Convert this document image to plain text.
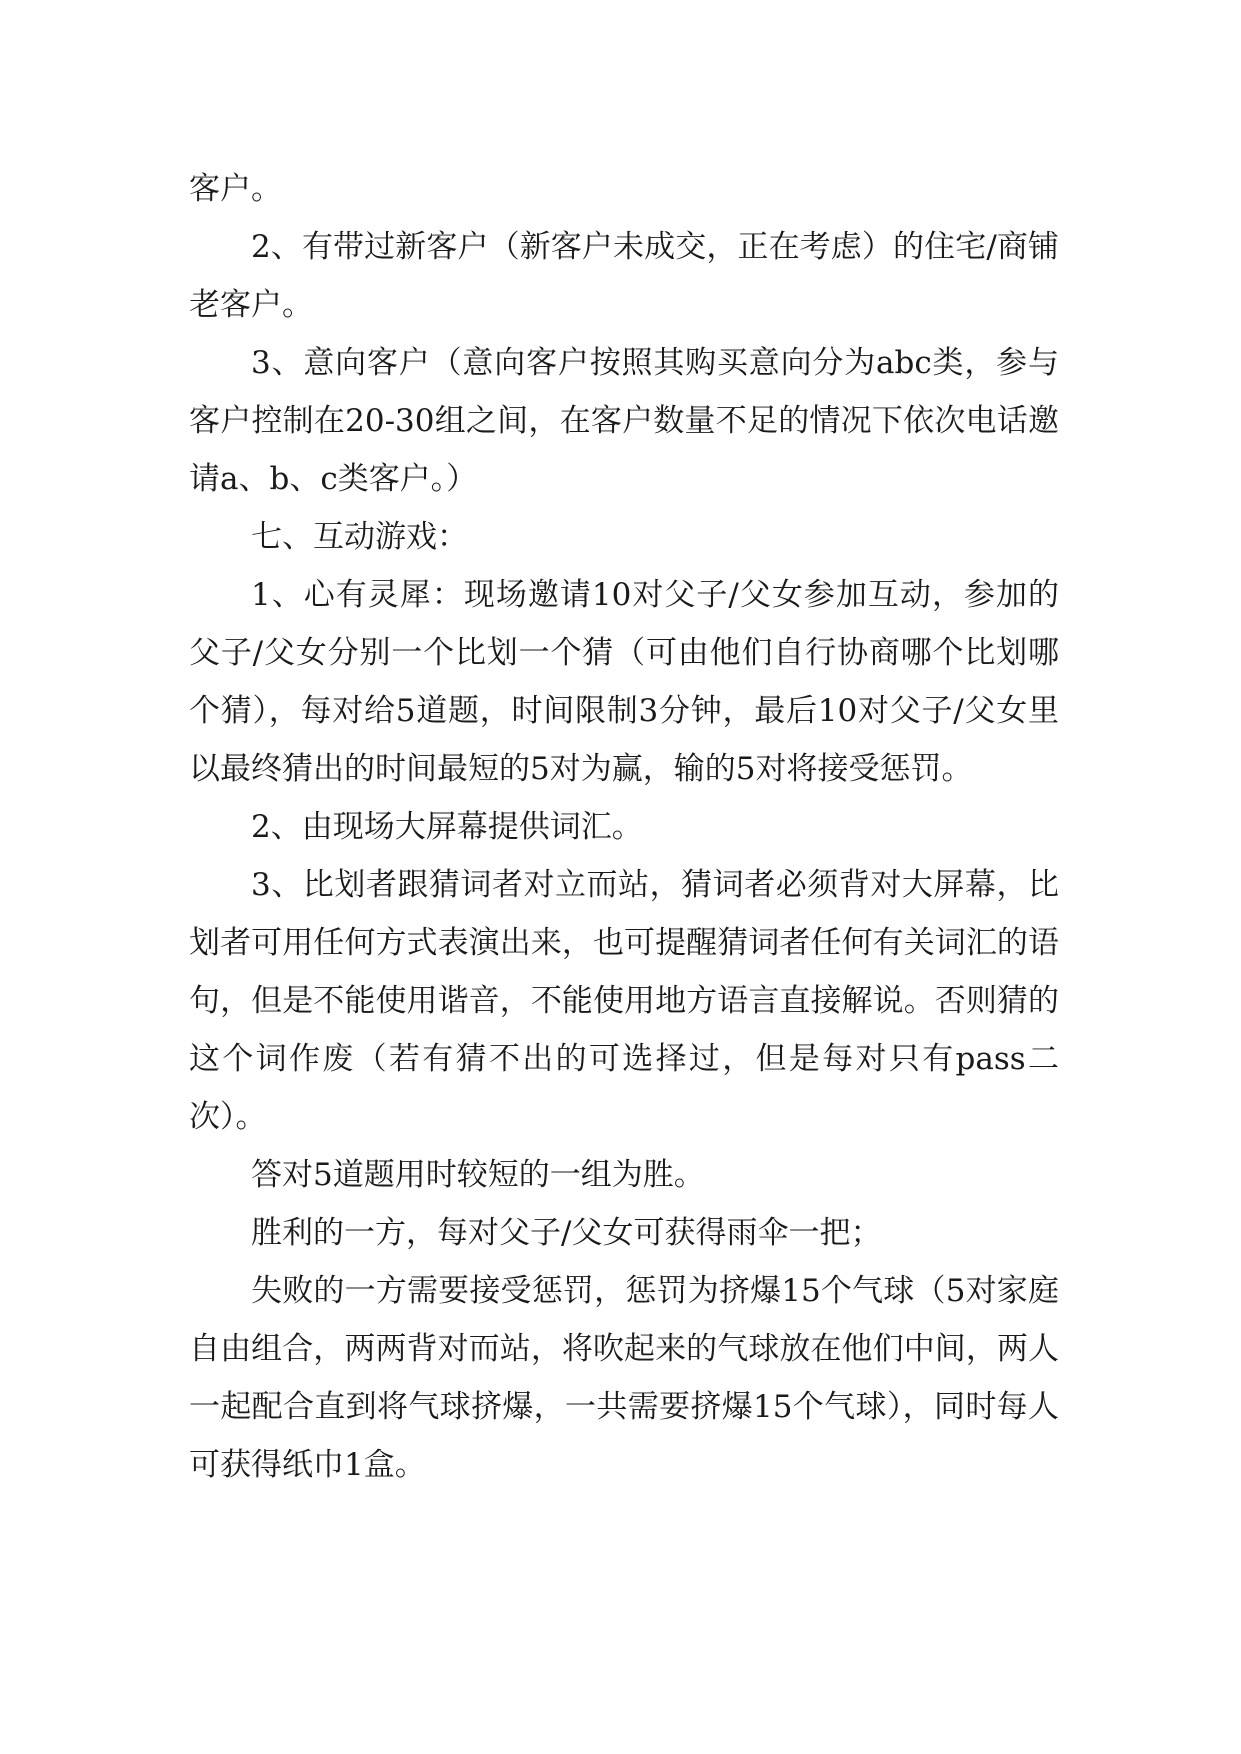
客户。

2、有带过新客户（新客户未成交，正在考虑）的住宅/商铺老客户。

3、意向客户（意向客户按照其购买意向分为abc类，参与客户控制在20-30组之间，在客户数量不足的情况下依次电话邀请a、b、c类客户。）

七、互动游戏：

1、心有灵犀：现场邀请10对父子/父女参加互动，参加的父子/父女分别一个比划一个猜（可由他们自行协商哪个比划哪个猜），每对给5道题，时间限制3分钟，最后10对父子/父女里以最终猜出的时间最短的5对为赢，输的5对将接受惩罚。

2、由现场大屏幕提供词汇。

3、比划者跟猜词者对立而站，猜词者必须背对大屏幕，比划者可用任何方式表演出来，也可提醒猜词者任何有关词汇的语句，但是不能使用谐音，不能使用地方语言直接解说。否则猜的这个词作废（若有猜不出的可选择过，但是每对只有pass二次）。

答对5道题用时较短的一组为胜。

胜利的一方，每对父子/父女可获得雨伞一把；

失败的一方需要接受惩罚，惩罚为挤爆15个气球（5对家庭自由组合，两两背对而站，将吹起来的气球放在他们中间，两人一起配合直到将气球挤爆，一共需要挤爆15个气球），同时每人可获得纸巾1盒。
